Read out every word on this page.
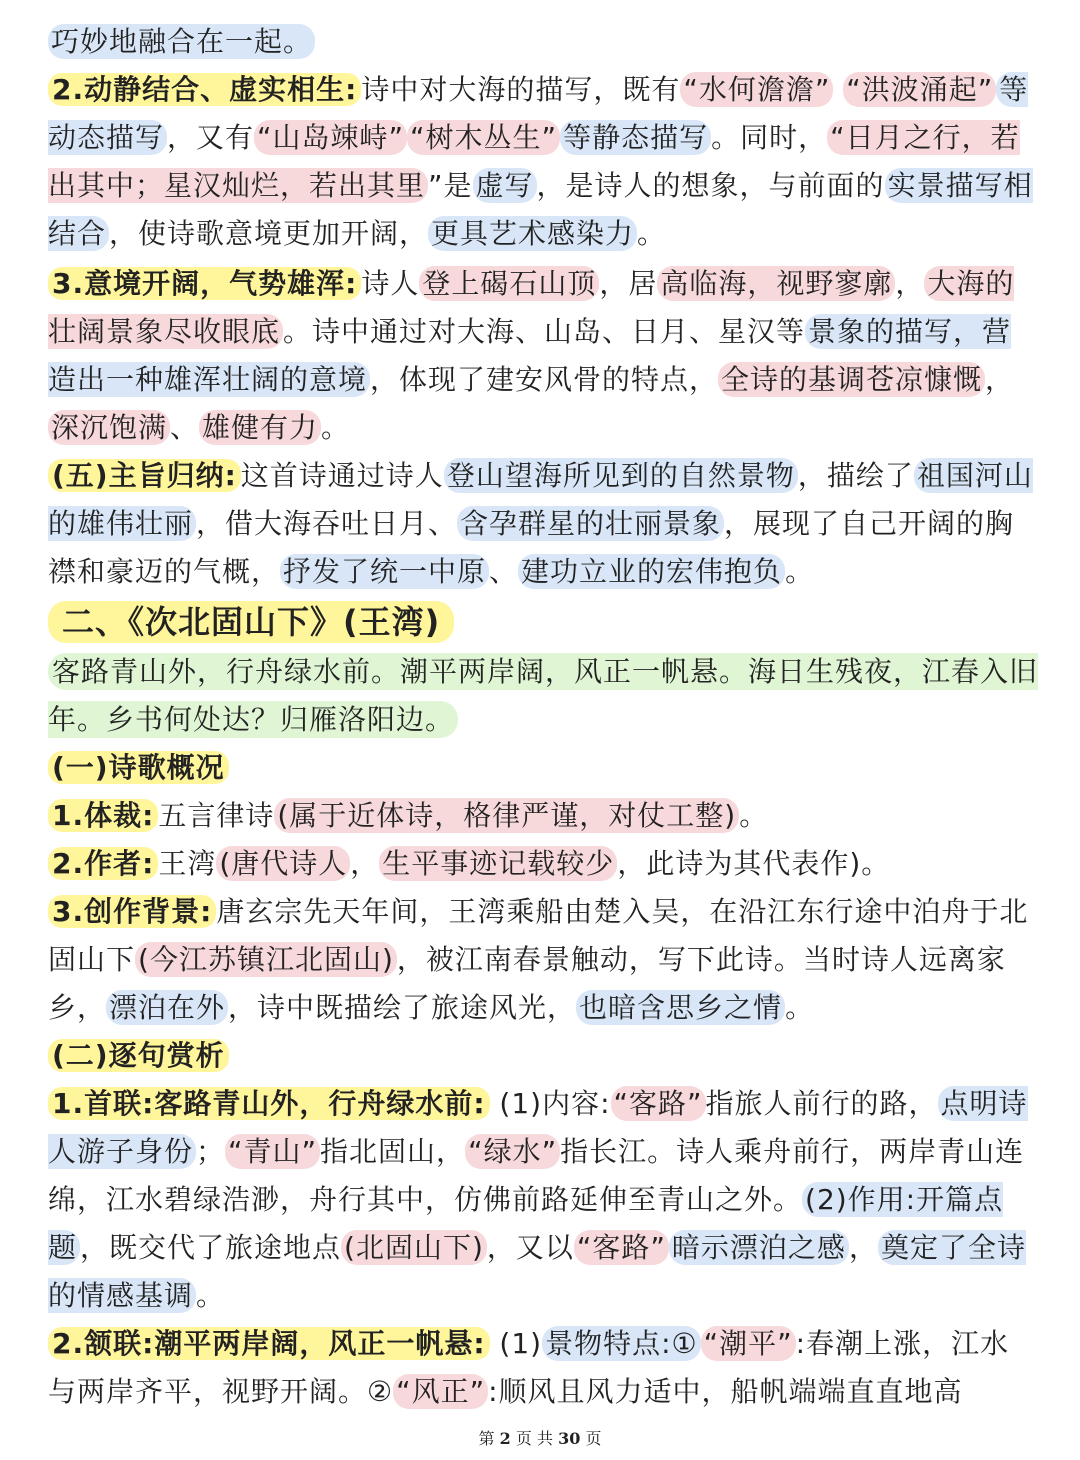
巧妙地融合在一起。

2.动静结合、虚实相生: 诗中对大海的描写，既有 “水何澹澹” “洪波涌起” 等动态描写 ，又有 “山岛竦峙” “树木丛生” 等静态描写 。同时， “日月之行，若出其中；星汉灿烂，若出其里 ”是 虚写 ，是诗人的想象，与前面的 实景描写相结合 ，使诗歌意境更加开阔， 更具艺术感染力 。

3.意境开阔，气势雄浑: 诗人 登上碣石山顶 ，居 高临海，视野寥廓 ， 大海的壮阔景象尽收眼底 。诗中通过对大海、山岛、日月、星汉等 景象的描写，营造出一种雄浑壮阔的意境 ，体现了建安风骨的特点， 全诗的基调苍凉慷慨 ，深沉饱满 、 雄健有力 。

(五)主旨归纳: 这首诗通过诗人 登山望海所见到的自然景物 ，描绘了 祖国河山的雄伟壮丽 ，借大海吞吐日月、 含孕群星的壮丽景象 ，展现了自己开阔的胸襟和豪迈的气概， 抒发了统一中原 、 建功立业的宏伟抱负 。

二、《次北固山下》(王湾)

客路青山外，行舟绿水前。潮平两岸阔，风正一帆悬。海日生残夜，江春入旧年。乡书何处达？归雁洛阳边。

(一)诗歌概况

1.体裁: 五言律诗 (属于近体诗，格律严谨，对仗工整) 。

2.作者: 王湾 (唐代诗人 ， 生平事迹记载较少 ，此诗为其代表作)。

3.创作背景: 唐玄宗先天年间，王湾乘船由楚入吴，在沿江东行途中泊舟于北固山下 (今江苏镇江北固山) ，被江南春景触动，写下此诗。当时诗人远离家乡， 漂泊在外 ，诗中既描绘了旅途风光， 也暗含思乡之情 。

(二)逐句赏析

1.首联:客路青山外，行舟绿水前: (1)内容: “客路” 指旅人前行的路， 点明诗人游子身份 ； “青山” 指北固山， “绿水” 指长江。诗人乘舟前行，两岸青山连绵，江水碧绿浩渺，舟行其中，仿佛前路延伸至青山之外。 (2)作用:开篇点题 ，既交代了旅途地点 (北固山下) ，又以 “客路” 暗示漂泊之感 ， 奠定了全诗的情感基调 。

2.颔联:潮平两岸阔，风正一帆悬: (1) 景物特点:① “潮平” :春潮上涨，江水与两岸齐平，视野开阔。② “风正” :顺风且风力适中，船帆端端直直地高

第 2 页 共 30 页
